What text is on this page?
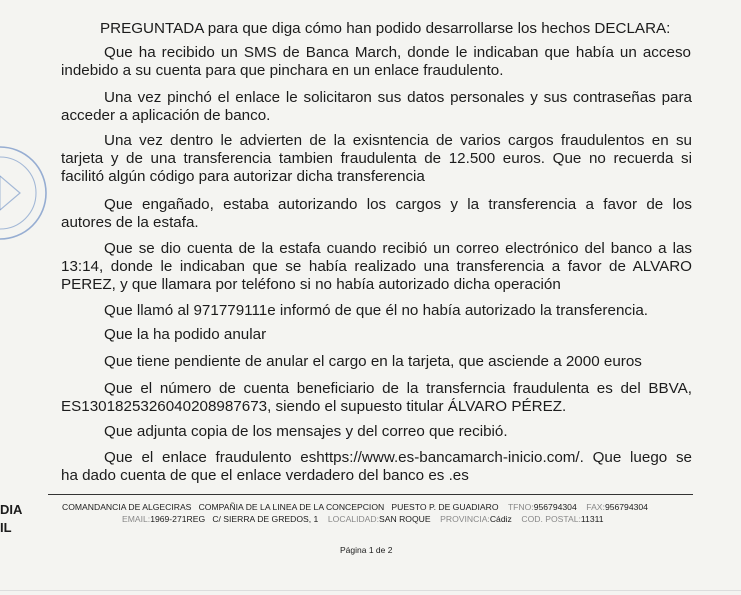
PREGUNTADA para que diga cómo han podido desarrollarse los hechos DECLARA:
Que ha recibido un SMS de Banca March, donde le indicaban que había un acceso
indebido a su cuenta para que pinchara en un enlace fraudulento.
Una vez pinchó el enlace le solicitaron sus datos personales y sus contraseñas para
acceder a aplicación de banco.
Una vez dentro le advierten de la exisntencia de varios cargos fraudulentos en su
tarjeta y de una transferencia tambien fraudulenta de 12.500 euros. Que no recuerda si
facilitó algún código para autorizar dicha transferencia
Que engañado, estaba autorizando los cargos y la transferencia a favor de los
autores de la estafa.
Que se dio cuenta de la estafa cuando recibió un correo electrónico del banco a las
13:14, donde le indicaban que se había realizado una transferencia a favor de ALVARO
PEREZ, y que llamara por teléfono si no había autorizado dicha operación
Que llamó al 971779111e informó de que él no había autorizado la transferencia.
Que la ha podido anular
Que tiene pendiente de anular el cargo en la tarjeta, que asciende a 2000 euros
Que el número de cuenta beneficiario de la transferncia fraudulenta es del BBVA,
ES1301825326040208987673, siendo el supuesto titular ÁLVARO PÉREZ.
Que adjunta copia de los mensajes y del correo que recibió.
Que el enlace fraudulento eshttps://www.es-bancamarch-inicio.com/. Que luego se
ha dado cuenta de que el enlace verdadero del banco es .es
DIA
IL
COMANDANCIA DE ALGECIRAS COMPAÑIA DE LA LINEA DE LA CONCEPCION PUESTO P. DE GUADIARO TFNO:956794304 FAX:956794304
EMAIL:1969-271REG C/ SIERRA DE GREDOS, 1 LOCALIDAD:SAN ROQUE PROVINCIA:Cádiz COD. POSTAL:11311
Página 1 de 2
